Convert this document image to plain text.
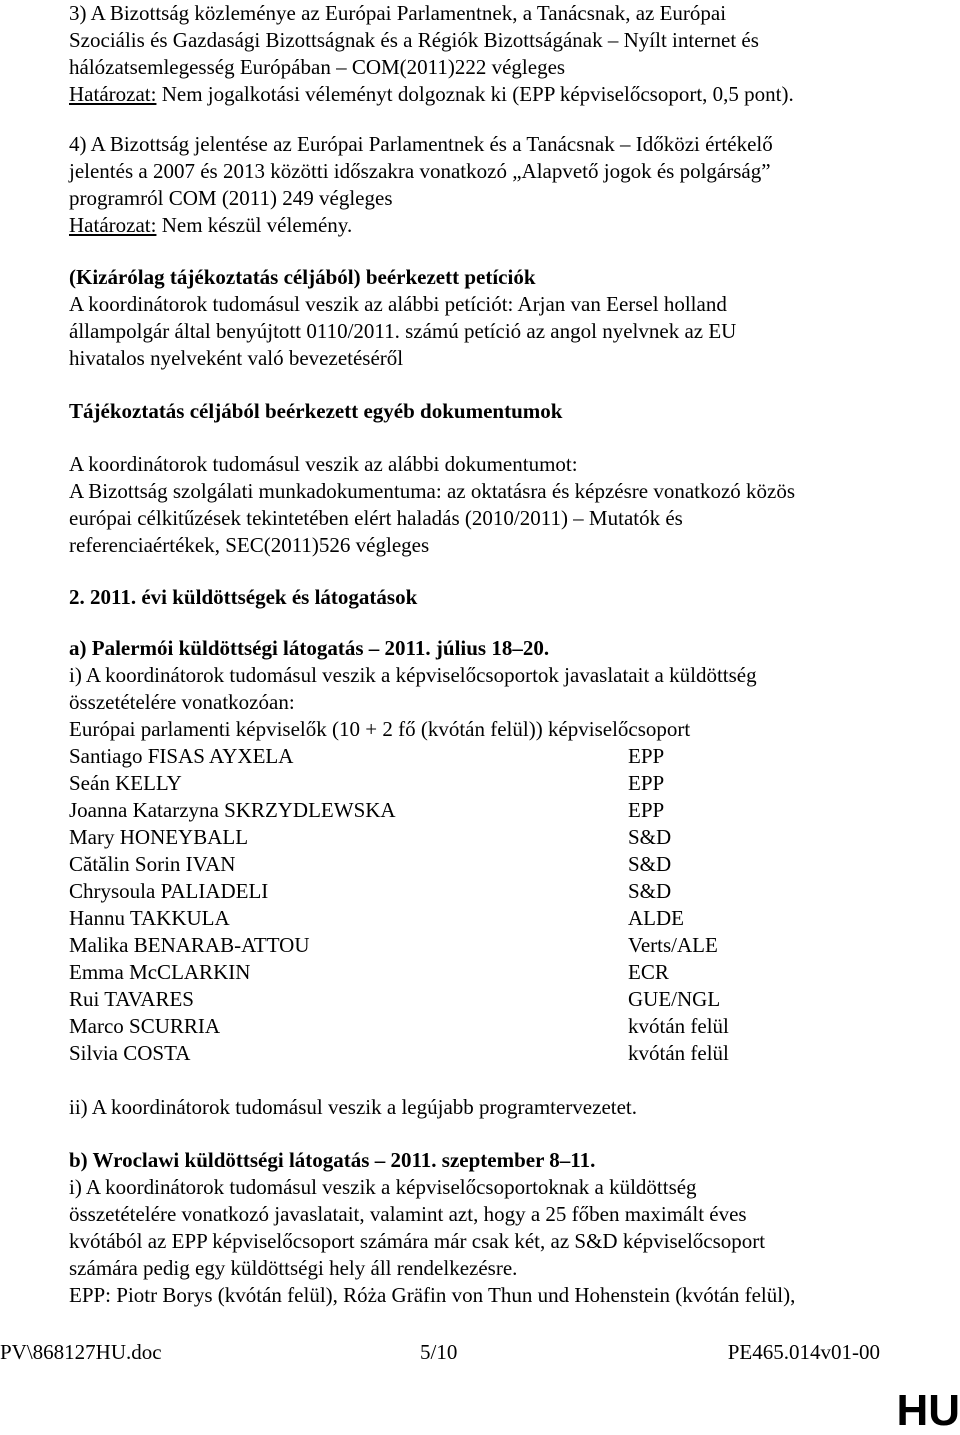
3) A Bizottság közleménye az Európai Parlamentnek, a Tanácsnak, az Európai
Szociális és Gazdasági Bizottságnak és a Régiók Bizottságának – Nyílt internet és
hálózatsemlegesség Európában – COM(2011)222 végleges
Határozat: Nem jogalkotási véleményt dolgoznak ki (EPP képviselőcsoport, 0,5 pont).
4) A Bizottság jelentése az Európai Parlamentnek és a Tanácsnak – Időközi értékelő
jelentés a 2007 és 2013 közötti időszakra vonatkozó „Alapvető jogok és polgárság”
programról COM (2011) 249 végleges
Határozat: Nem készül vélemény.
(Kizárólag tájékoztatás céljából) beérkezett petíciók
A koordinátorok tudomásul veszik az alábbi petíciót: Arjan van Eersel holland
állampolgár által benyújtott 0110/2011. számú petíció az angol nyelvnek az EU
hivatalos nyelveként való bevezetéséről
Tájékoztatás céljából beérkezett egyéb dokumentumok
A koordinátorok tudomásul veszik az alábbi dokumentumot:
A Bizottság szolgálati munkadokumentuma: az oktatásra és képzésre vonatkozó közös
európai célkitűzések tekintetében elért haladás (2010/2011) – Mutatók és
referenciaértékek, SEC(2011)526 végleges
2. 2011. évi küldöttségek és látogatások
a) Palermói küldöttségi látogatás – 2011. július 18–20.
i) A koordinátorok tudomásul veszik a képviselőcsoportok javaslatait a küldöttség
összetételére vonatkozóan:
Európai parlamenti képviselők (10 + 2 fő (kvótán felül)) képviselőcsoport
Santiago FISAS AYXELA	EPP
Seán KELLY	EPP
Joanna Katarzyna SKRZYDLEWSKA	EPP
Mary HONEYBALL	S&D
Cătălin Sorin IVAN	S&D
Chrysoula PALIADELI	S&D
Hannu TAKKULA	ALDE
Malika BENARAB-ATTOU	Verts/ALE
Emma McCLARKIN	ECR
Rui TAVARES	GUE/NGL
Marco SCURRIA	kvótán felül
Silvia COSTA	kvótán felül
ii) A koordinátorok tudomásul veszik a legújabb programtervezetet.
b) Wroclawi küldöttségi látogatás – 2011. szeptember 8–11.
i) A koordinátorok tudomásul veszik a képviselőcsoportoknak a küldöttség
összetételére vonatkozó javaslatait, valamint azt, hogy a 25 főben maximált éves
kvótából az EPP képviselőcsoport számára már csak két, az S&D képviselőcsoport
számára pedig egy küldöttségi hely áll rendelkezésre.
EPP: Piotr Borys (kvótán felül), Róża Gräfin von Thun und Hohenstein (kvótán felül),
PV\868127HU.doc	5/10	PE465.014v01-00
HU
